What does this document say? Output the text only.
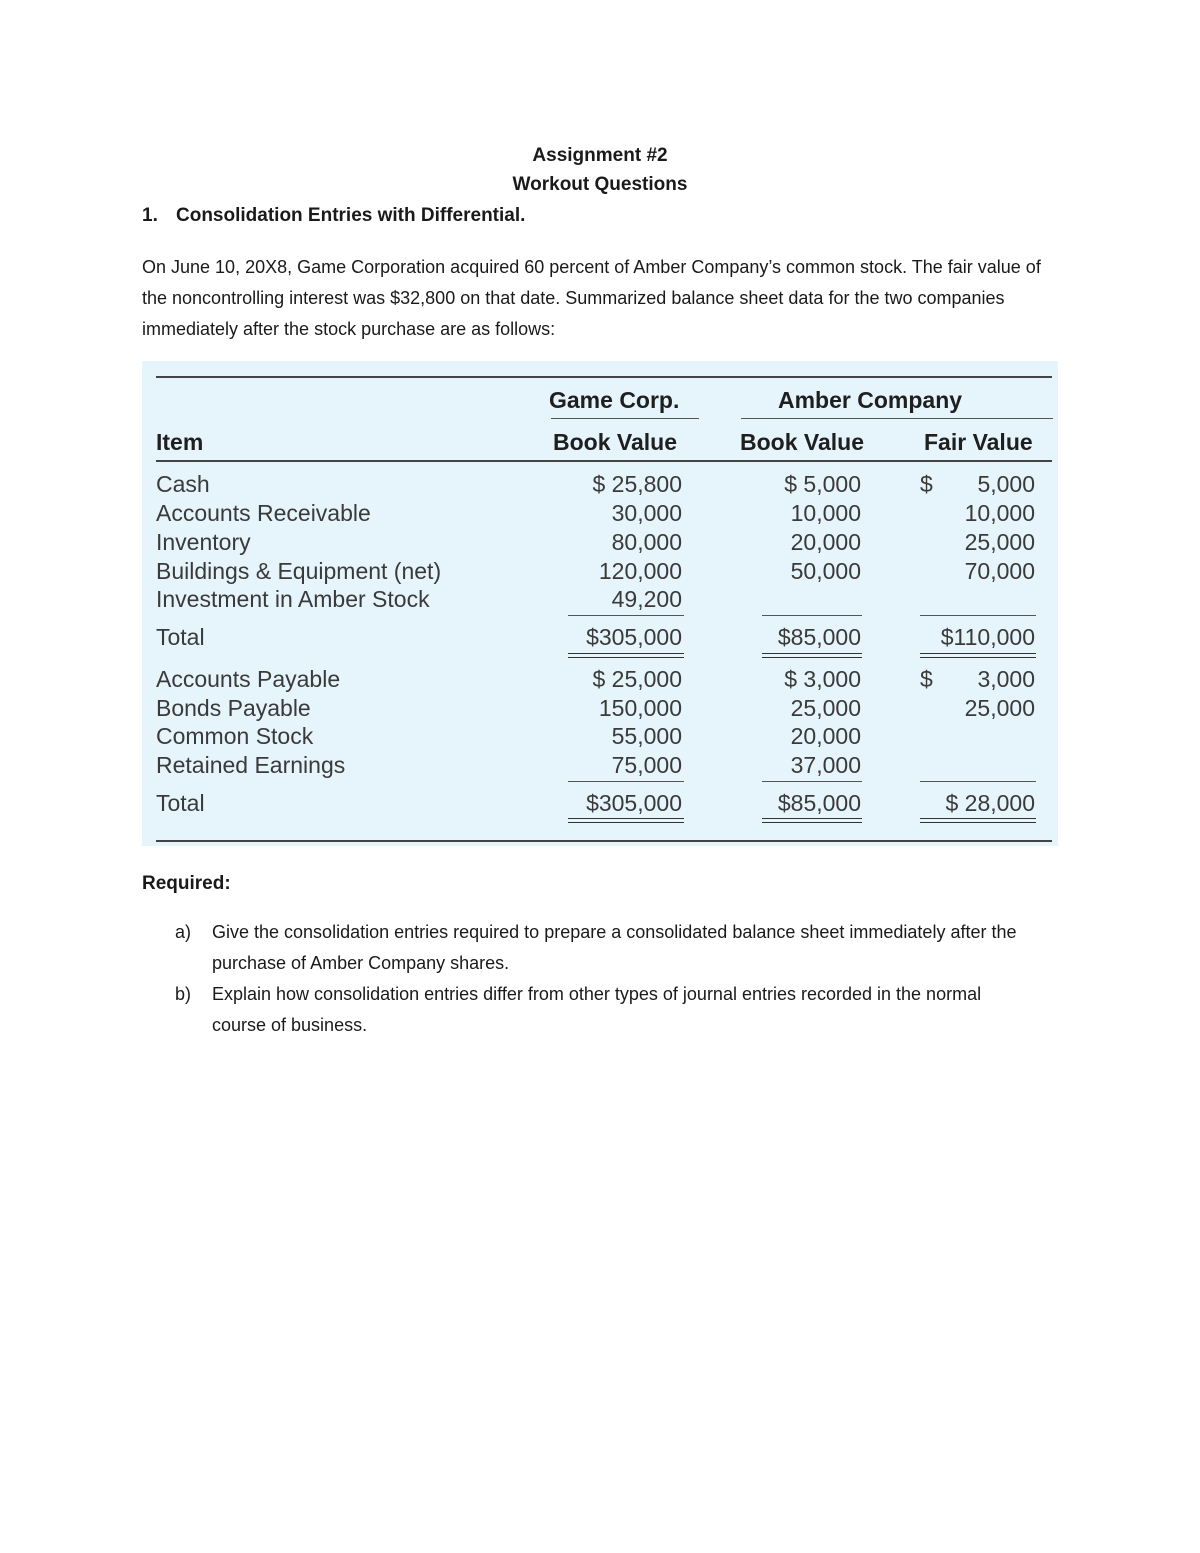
Assignment #2
Workout Questions
1. Consolidation Entries with Differential.

On June 10, 20X8, Game Corporation acquired 60 percent of Amber Company’s common stock. The fair value of the noncontrolling interest was $32,800 on that date. Summarized balance sheet data for the two companies immediately after the stock purchase are as follows:

Game Corp.	Amber Company
Item	Book Value	Book Value	Fair Value
Cash	$ 25,800	$ 5,000	$	5,000
Accounts Receivable	30,000	10,000	10,000
Inventory	80,000	20,000	25,000
Buildings & Equipment (net)	120,000	50,000	70,000
Investment in Amber Stock	49,200
Total	$305,000	$85,000	$110,000
Accounts Payable	$ 25,000	$ 3,000	$	3,000
Bonds Payable	150,000	25,000	25,000
Common Stock	55,000	20,000
Retained Earnings	75,000	37,000
Total	$305,000	$85,000	$ 28,000
Required:
a) Give the consolidation entries required to prepare a consolidated balance sheet immediately after the purchase of Amber Company shares.
b) Explain how consolidation entries differ from other types of journal entries recorded in the normal course of business.
